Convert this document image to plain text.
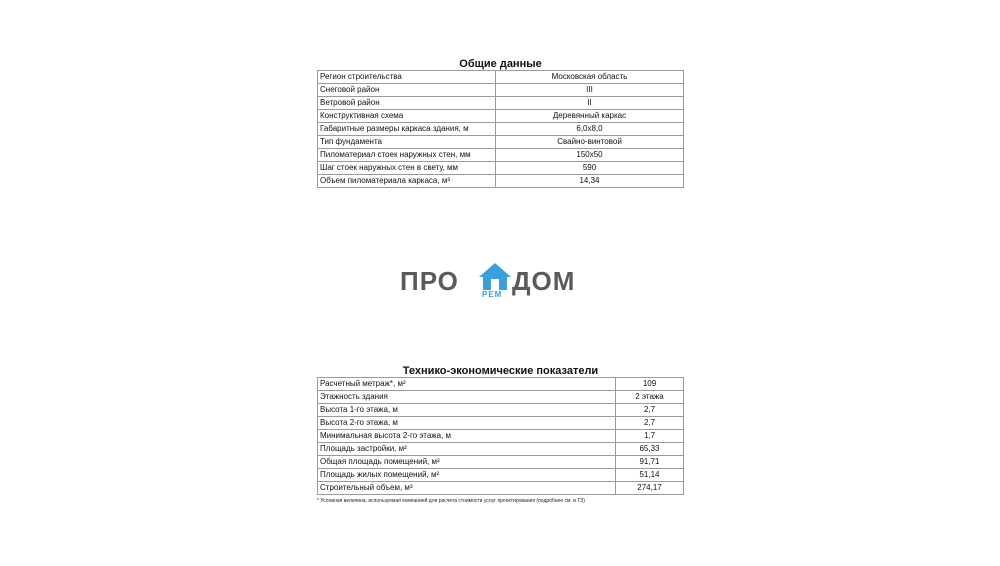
Общие данные
Регион строительства	Московская область
Снеговой район	III
Ветровой район	II
Конструктивная схема	Деревянный каркас
Габаритные размеры каркаса здания, м	6,0х8,0
Тип фундамента	Свайно-винтовой
Пиломатериал стоек наружных стен, мм	150х50
Шаг стоек наружных стен в свету, мм	590
Объем пиломатериала каркаса, м³	14,34
ПРО	РЕМ ДОМ
Технико-экономические показатели
Расчетный метраж*, м²	109
Этажность здания	2 этажа
Высота 1-го этажа, м	2,7
Высота 2-го этажа, м	2,7
Минимальная высота 2-го этажа, м	1,7
Площадь застройки, м²	65,33
Общая площадь помещений, м²	91,71
Площадь жилых помещений, м²	51,14
Строительный объем, м³	274,17
* Условная величина, используемая компанией для расчета стоимости услуг проектирования (подробнее см. в ТЗ)
